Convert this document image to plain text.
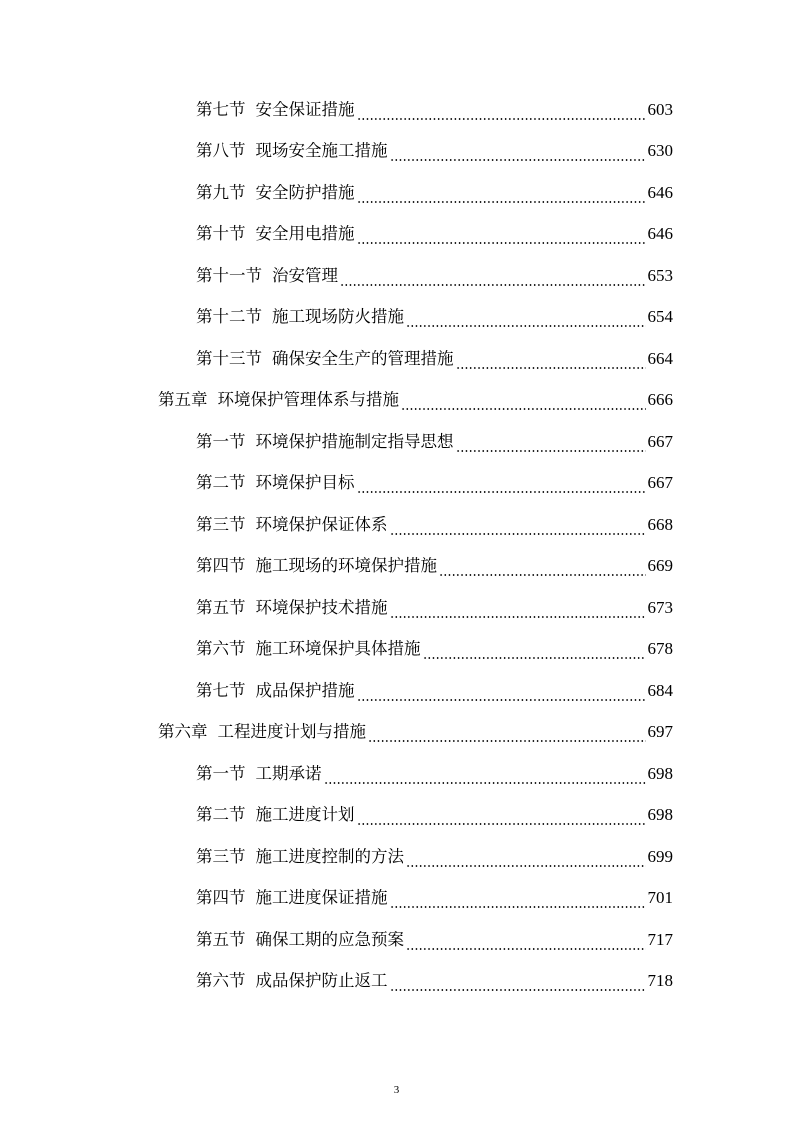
第七节 安全保证措施	603
第八节 现场安全施工措施	630
第九节 安全防护措施	646
第十节 安全用电措施	646
第十一节 治安管理	653
第十二节 施工现场防火措施	654
第十三节 确保安全生产的管理措施	664
第五章 环境保护管理体系与措施	666
第一节 环境保护措施制定指导思想	667
第二节 环境保护目标	667
第三节 环境保护保证体系	668
第四节 施工现场的环境保护措施	669
第五节 环境保护技术措施	673
第六节 施工环境保护具体措施	678
第七节 成品保护措施	684
第六章 工程进度计划与措施	697
第一节 工期承诺	698
第二节 施工进度计划	698
第三节 施工进度控制的方法	699
第四节 施工进度保证措施	701
第五节 确保工期的应急预案	717
第六节 成品保护防止返工	718
3
